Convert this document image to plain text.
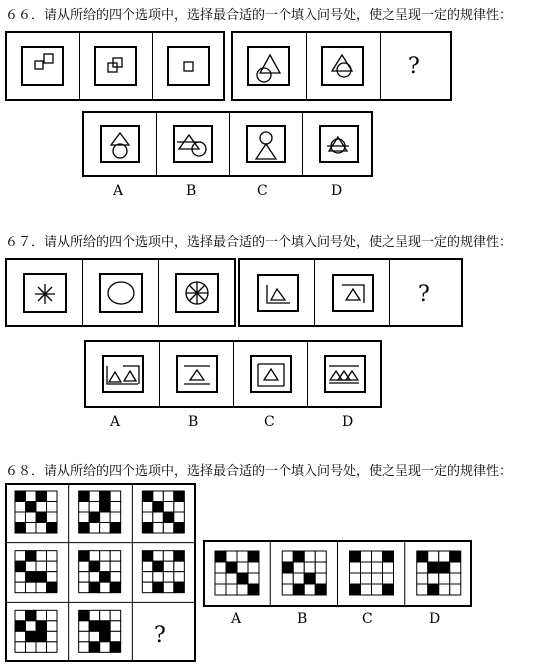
６６．请从所给的四个选项中，选择最合适的一个填入问号处，使之呈现一定的规律性：
?
A	B	C	D
６７．请从所给的四个选项中，选择最合适的一个填入问号处，使之呈现一定的规律性：
?
A	B	C	D
６８．请从所给的四个选项中，选择最合适的一个填入问号处，使之呈现一定的规律性：
?
A	B	C	D
